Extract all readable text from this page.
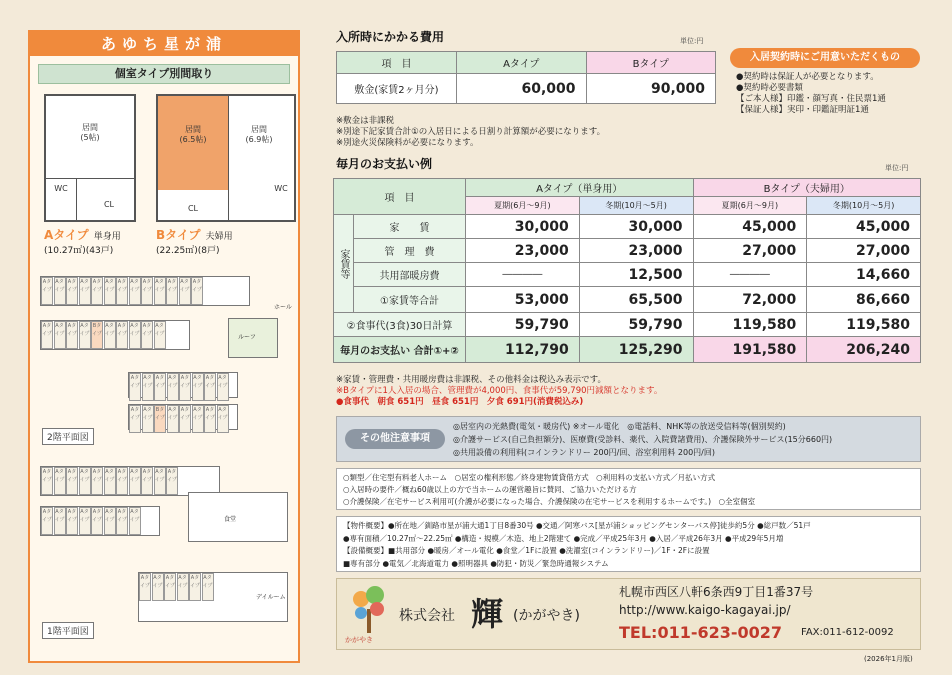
あゆち星が浦
個室タイプ別間取り
居間
(5帖)
WC
CL
Aタイプ 単身用
(10.27㎡)(43戸)
居間
(6.5帖)
居間
(6.9帖)
CL
WC
Bタイプ 夫婦用
(22.25㎡)(8戸)
ルーフ
ホール
Aタイプ
Aタイプ
Aタイプ
Aタイプ
Aタイプ
Aタイプ
Aタイプ
Aタイプ
Aタイプ
Aタイプ
Aタイプ
Aタイプ
Aタイプ
Aタイプ
Aタイプ
Aタイプ
Aタイプ
Bタイプ
Aタイプ
Aタイプ
Aタイプ
Aタイプ
Aタイプ
Aタイプ
Aタイプ
Aタイプ
Aタイプ
Aタイプ
Aタイプ
Aタイプ
Aタイプ
Aタイプ
Aタイプ
Bタイプ
Aタイプ
Aタイプ
Aタイプ
Aタイプ
Aタイプ
2階平面図
食堂
デイルーム
Aタイプ
Aタイプ
Aタイプ
Aタイプ
Aタイプ
Aタイプ
Aタイプ
Aタイプ
Aタイプ
Aタイプ
Aタイプ
Aタイプ
Aタイプ
Aタイプ
Aタイプ
Aタイプ
Aタイプ
Aタイプ
Aタイプ
Aタイプ
Aタイプ
Aタイプ
Aタイプ
Aタイプ
Aタイプ
1階平面図
入所時にかかる費用	単位:円
項　目	Aタイプ	Bタイプ
敷金(家賃2ヶ月分)	60,000	90,000
※敷金は非課税
※別途下記家賃合計①の入居日による日割り計算額が必要になります。
※別途火災保険料が必要になります。
入居契約時にご用意いただくもの
●契約時は保証人が必要となります。
●契約時必要書類
【ご本人様】印鑑・顔写真・住民票1通
【保証人様】実印・印鑑証明証1通
毎月のお支払い例	単位:円
項　目		Aタイプ（単身用）		Bタイプ（夫婦用）	
		夏期(6月～9月)	冬期(10月～5月)	夏期(6月～9月)	冬期(10月～5月)
家賃等	家　　賃	30,000	30,000	45,000	45,000
	管　理　費	23,000	23,000	27,000	27,000
	共用部暖房費	――――	12,500	――――	14,660
	①家賃等合計	53,000	65,500	72,000	86,660
②食事代(3食)30日計算		59,790	59,790	119,580	119,580
毎月のお支払い 合計①+②		112,790	125,290	191,580	206,240
※家賃・管理費・共用暖房費は非課税、その他料金は税込み表示です。
※Bタイプに1人入居の場合、管理費が4,000円、食事代が59,790円減額となります。
●食事代　朝食 651円　昼食 651円　夕食 691円(消費税込み)
その他注意事項
◎居室内の光熱費(電気・暖房代) ※オール電化　◎電話料、NHK等の放送受信料等(個別契約)
◎介護サービス(自己負担額分)、医療費(受診料、薬代、入院費諸費用)、介護保険外サービス(15分660円)
◎共用設備の利用料(コインランドリー 200円/回、浴室利用料 200円/回)
○類型／住宅型有料老人ホーム　○居室の権利形態／終身建物賃貸借方式　○利用料の支払い方式／月払い方式
○入居時の要件／概ね60歳以上の方で当ホームの運営趣旨に賛同、ご協力いただける方
○介護保険／在宅サービス利用可(介護が必要になった場合、介護保険の在宅サービスを利用するホームです。)　○全室個室
【物件概要】●所在地／釧路市星が浦大通1丁目8番30号 ●交通／阿寒バス[星が浦ショッピングセンターバス停]徒歩約5分 ●総戸数／51戸
●専有面積／10.27㎡～22.25㎡ ●構造・規模／木造、地上2階建て ●完成／平成25年3月 ●入居／平成26年3月 ●平成29年5月増
【設備概要】■共用部分 ●暖房／オール電化 ●食堂／1Fに設置 ●洗濯室(コインランドリー)／1F・2Fに設置
■専有部分 ●電気／北海道電力 ●照明器具 ●防犯・防災／緊急時通報システム
かがやき
株式会社 輝 (かがやき)
札幌市西区八軒6条西9丁目1番37号
http://www.kaigo-kagayai.jp/
TEL:011-623-0027 FAX:011-612-0092
(2026年1月版)
